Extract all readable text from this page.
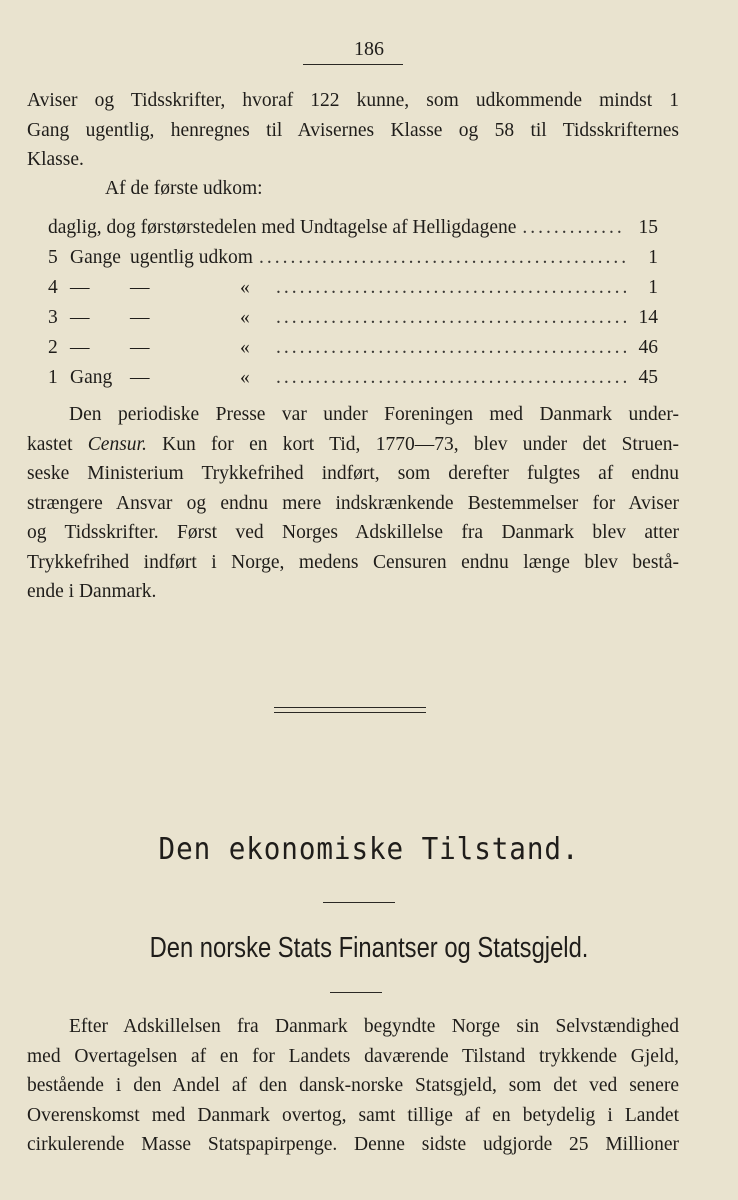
186
Aviser og Tidsskrifter, hvoraf 122 kunne, som udkommende mindst 1
Gang ugentlig, henregnes til Avisernes Klasse og 58 til Tidsskrifternes
Klasse.
Af de første udkom:
daglig, dog førstørstedelen med Undtagelse af Helligdagene .....	15
5 Gange ugentlig udkom .....	1
4 —	—	« .....	1
3 —	—	« .....	14
2 —	—	« .....	46
1 Gang —	« .....	45
Den periodiske Presse var under Foreningen med Danmark under-
kastet Censur. Kun for en kort Tid, 1770—73, blev under det Struen-
seske Ministerium Trykkefrihed indført, som derefter fulgtes af endnu
strængere Ansvar og endnu mere indskrænkende Bestemmelser for Aviser
og Tidsskrifter. Først ved Norges Adskillelse fra Danmark blev atter
Trykkefrihed indført i Norge, medens Censuren endnu længe blev bestå-
ende i Danmark.
Den ekonomiske Tilstand.
Den norske Stats Finantser og Statsgjeld.
Efter Adskillelsen fra Danmark begyndte Norge sin Selvstændighed
med Overtagelsen af en for Landets daværende Tilstand trykkende Gjeld,
bestående i den Andel af den dansk-norske Statsgjeld, som det ved senere
Overenskomst med Danmark overtog, samt tillige af en betydelig i Landet
cirkulerende Masse Statspapirpenge. Denne sidste udgjorde 25 Millioner
